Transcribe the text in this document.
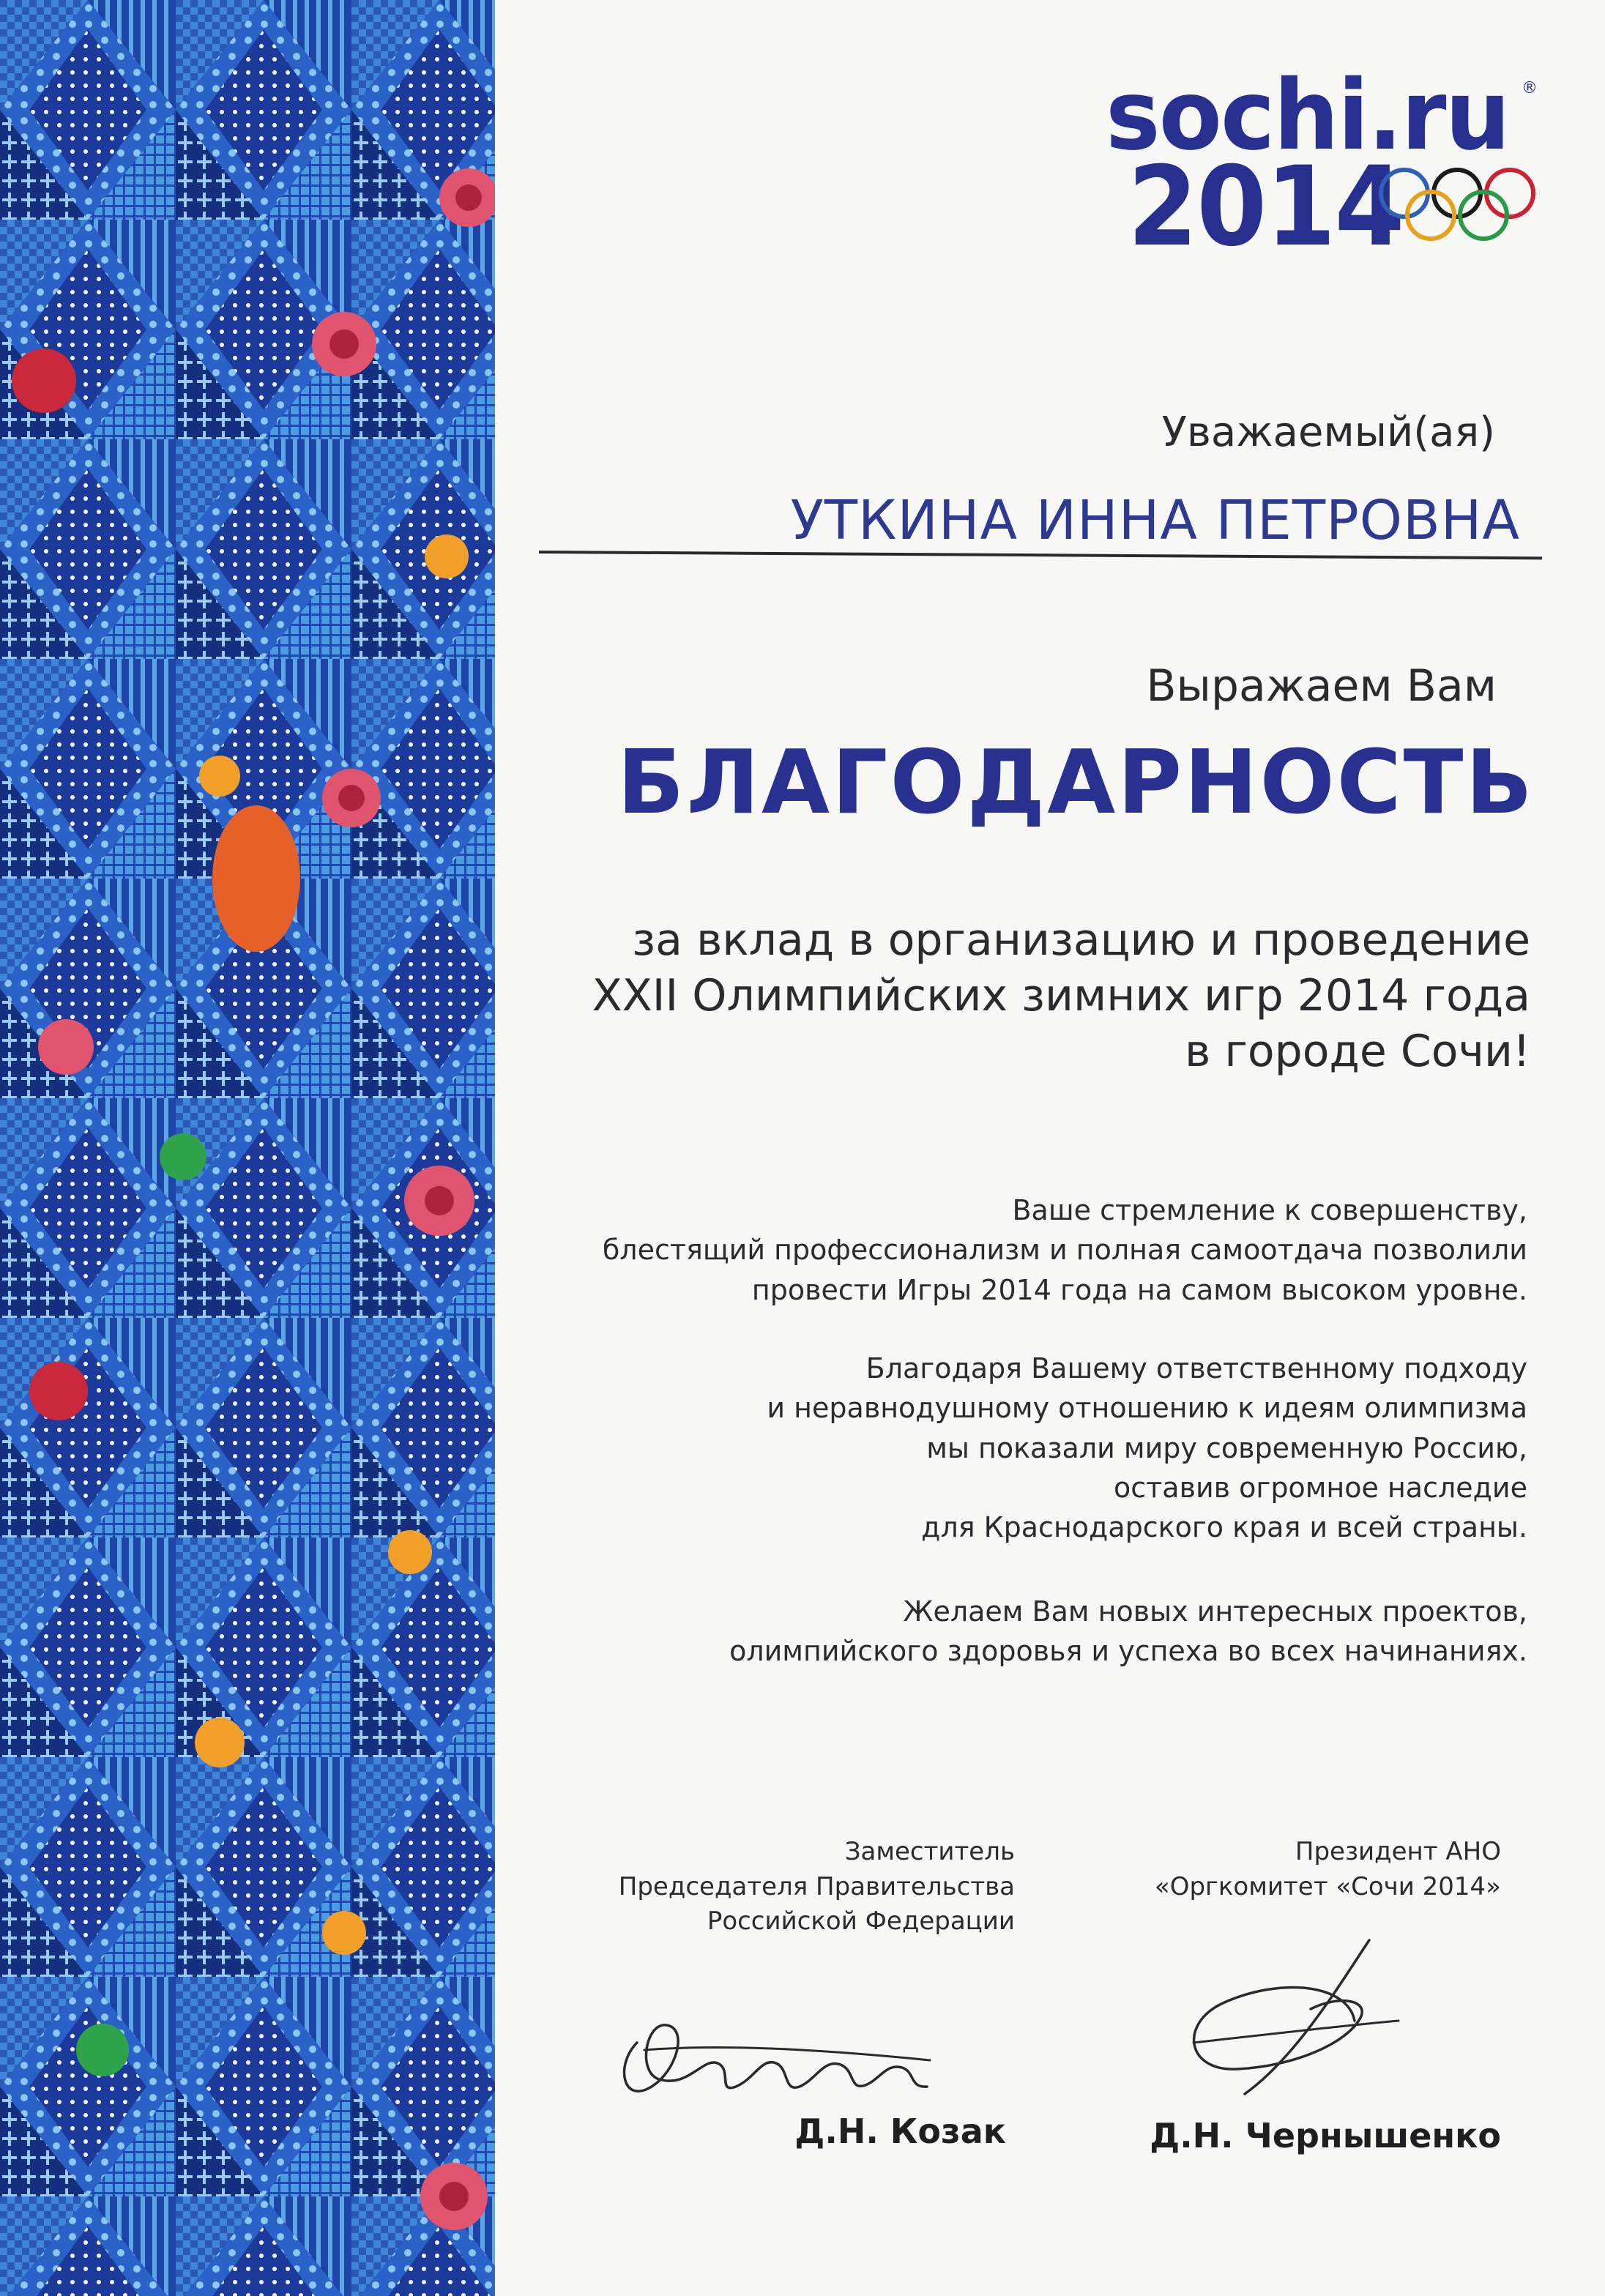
sochi.ru ®
2014
Уважаемый(ая)
УТКИНА ИННА ПЕТРОВНА
Выражаем Вам
БЛАГОДАРНОСТЬ
за вклад в организацию и проведение
XXII Олимпийских зимних игр 2014 года
в городе Сочи!
Ваше стремление к совершенству,
блестящий профессионализм и полная самоотдача позволили
провести Игры 2014 года на самом высоком уровне.
Благодаря Вашему ответственному подходу
и неравнодушному отношению к идеям олимпизма
мы показали миру современную Россию,
оставив огромное наследие
для Краснодарского края и всей страны.
Желаем Вам новых интересных проектов,
олимпийского здоровья и успеха во всех начинаниях.
Заместитель
Председателя Правительства
Российской Федерации
Президент АНО
«Оргкомитет «Сочи 2014»
Д.Н. Козак	Д.Н. Чернышенко
